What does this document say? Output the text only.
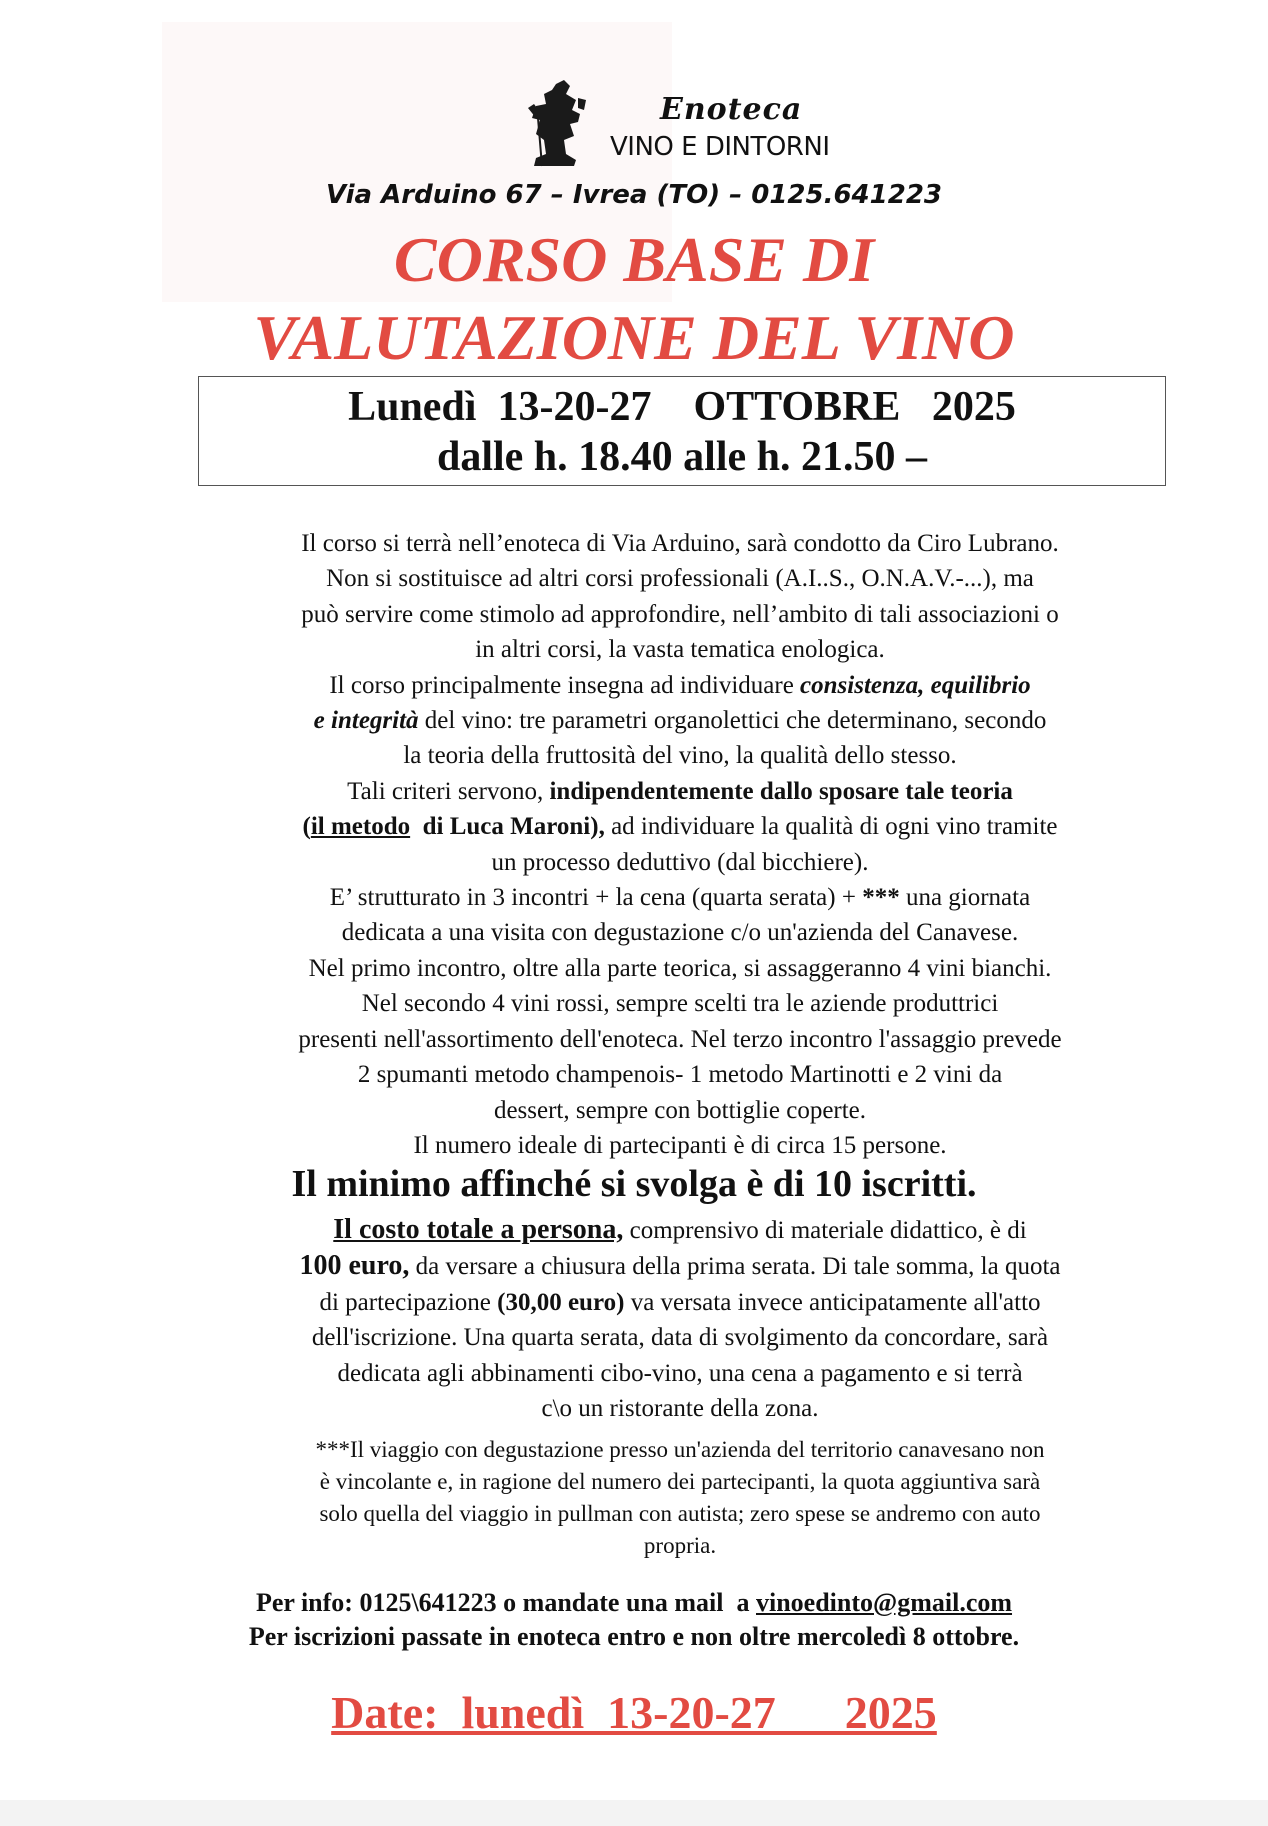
Enoteca
VINO E DINTORNI
Via Arduino 67 – Ivrea (TO) – 0125.641223
CORSO BASE DI
VALUTAZIONE DEL VINO
Lunedì  13-20-27    OTTOBRE   2025
dalle h. 18.40 alle h. 21.50 –

Il corso si terrà nell’enoteca di Via Arduino, sarà condotto da Ciro Lubrano.

Non si sostituisce ad altri corsi professionali (A.I..S., O.N.A.V.-...), ma

può servire come stimolo ad approfondire, nell’ambito di tali associazioni o

in altri corsi, la vasta tematica enologica.

Il corso principalmente insegna ad individuare consistenza, equilibrio

e integrità del vino: tre parametri organolettici che determinano, secondo

la teoria della fruttosità del vino, la qualità dello stesso.

Tali criteri servono, indipendentemente dallo sposare tale teoria

(il metodo  di Luca Maroni), ad individuare la qualità di ogni vino tramite

un processo deduttivo (dal bicchiere).

E’ strutturato in 3 incontri + la cena (quarta serata) + *** una giornata

dedicata a una visita con degustazione c/o un'azienda del Canavese.

Nel primo incontro, oltre alla parte teorica, si assaggeranno 4 vini bianchi.

Nel secondo 4 vini rossi, sempre scelti tra le aziende produttrici

presenti nell'assortimento dell'enoteca. Nel terzo incontro l'assaggio prevede

2 spumanti metodo champenois- 1 metodo Martinotti e 2 vini da

dessert, sempre con bottiglie coperte.

Il numero ideale di partecipanti è di circa 15 persone.

Il minimo affinché si svolga è di 10 iscritti.

Il costo totale a persona, comprensivo di materiale didattico, è di

100 euro, da versare a chiusura della prima serata. Di tale somma, la quota

di partecipazione (30,00 euro) va versata invece anticipatamente all'atto

dell'iscrizione. Una quarta serata, data di svolgimento da concordare, sarà

dedicata agli abbinamenti cibo-vino, una cena a pagamento e si terrà

c\o un ristorante della zona.

***Il viaggio con degustazione presso un'azienda del territorio canavesano non

è vincolante e, in ragione del numero dei partecipanti, la quota aggiuntiva sarà

solo quella del viaggio in pullman con autista; zero spese se andremo con auto

propria.

Per info: 0125\641223 o mandate una mail  a vinoedinto@gmail.com

Per iscrizioni passate in enoteca entro e non oltre mercoledì 8 ottobre.

Date:  lunedì  13-20-27      2025
